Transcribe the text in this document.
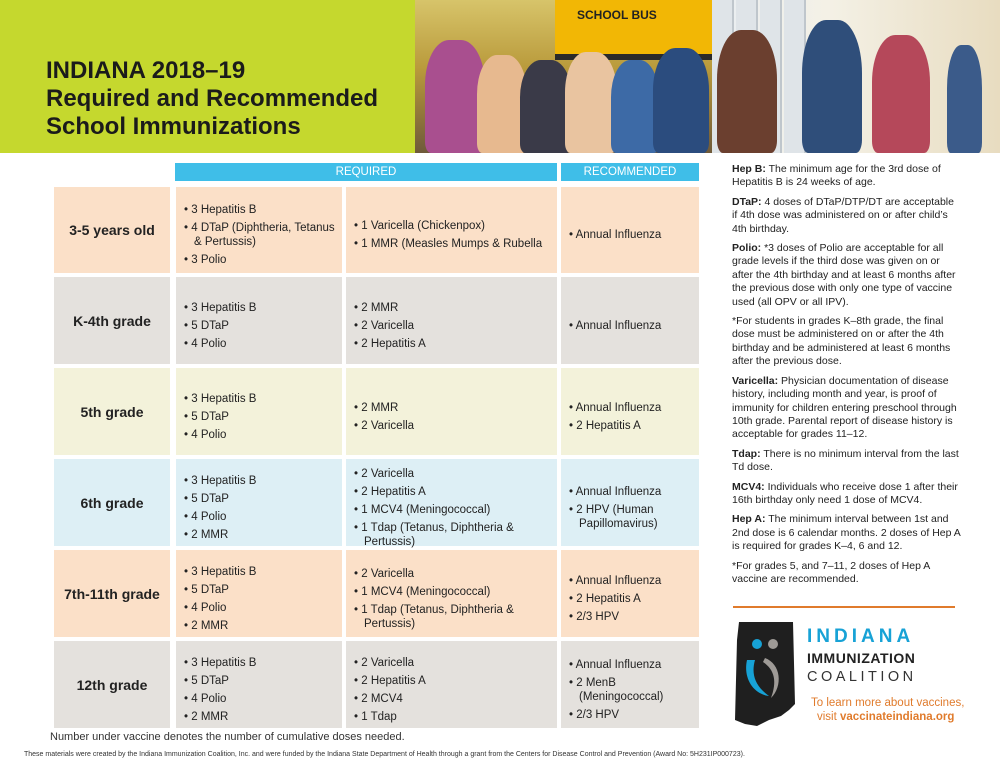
INDIANA 2018–19
Required and Recommended
School Immunizations
SCHOOL BUS
REQUIRED	RECOMMENDED
3-5 years old
• 3 Hepatitis B
• 4 DTaP (Diphtheria, Tetanus & Pertussis)
• 3 Polio
• 1 Varicella (Chickenpox)
• 1 MMR (Measles Mumps & Rubella
• Annual Influenza
K-4th grade
• 3 Hepatitis B
• 5 DTaP
• 4 Polio
• 2 MMR
• 2 Varicella
• 2 Hepatitis A
• Annual Influenza
5th grade
• 3 Hepatitis B
• 5 DTaP
• 4 Polio
• 2 MMR
• 2 Varicella
• Annual Influenza
• 2 Hepatitis A
6th grade
• 3 Hepatitis B
• 5 DTaP
• 4 Polio
• 2 MMR
• 2 Varicella
• 2 Hepatitis A
• 1 MCV4 (Meningococcal)
• 1 Tdap (Tetanus, Diphtheria & Pertussis)
• Annual Influenza
• 2 HPV (Human Papillomavirus)
7th-11th grade
• 3 Hepatitis B
• 5 DTaP
• 4 Polio
• 2 MMR
• 2 Varicella
• 1 MCV4 (Meningococcal)
• 1 Tdap (Tetanus, Diphtheria & Pertussis)
• Annual Influenza
• 2 Hepatitis A
• 2/3 HPV
12th grade
• 3 Hepatitis B
• 5 DTaP
• 4 Polio
• 2 MMR
• 2 Varicella
• 2 Hepatitis A
• 2 MCV4
• 1 Tdap
• Annual Influenza
• 2 MenB (Meningococcal)
• 2/3 HPV
Number under vaccine denotes the number of cumulative doses needed.
These materials were created by the Indiana Immunization Coalition, Inc. and were funded by the Indiana State Department of Health through a grant from the Centers for Disease Control and Prevention (Award No: 5H231IP000723).

Hep B: The minimum age for the 3rd dose of Hepatitis B is 24 weeks of age.

DTaP: 4 doses of DTaP/DTP/DT are acceptable if 4th dose was administered on or after child’s 4th birthday.

Polio: *3 doses of Polio are acceptable for all grade levels if the third dose was given on or after the 4th birthday and at least 6 months after the previous dose with only one type of vaccine used (all OPV or all IPV).

*For students in grades K–8th grade, the final dose must be administered on or after the 4th birthday and be administered at least 6 months after the previous dose.

Varicella: Physician documentation of disease history, including month and year, is proof of immunity for children entering preschool through 10th grade. Parental report of disease history is acceptable for grades 11–12.

Tdap: There is no minimum interval from the last Td dose.

MCV4: Individuals who receive dose 1 after their 16th birthday only need 1 dose of MCV4.

Hep A: The minimum interval between 1st and 2nd dose is 6 calendar months. 2 doses of Hep A is required for grades K–4, 6 and 12.

*For grades 5, and 7–11, 2 doses of Hep A vaccine are recommended.

INDIANA
IMMUNIZATION
COALITION
To learn more about vaccines,
visit vaccinateindiana.org
